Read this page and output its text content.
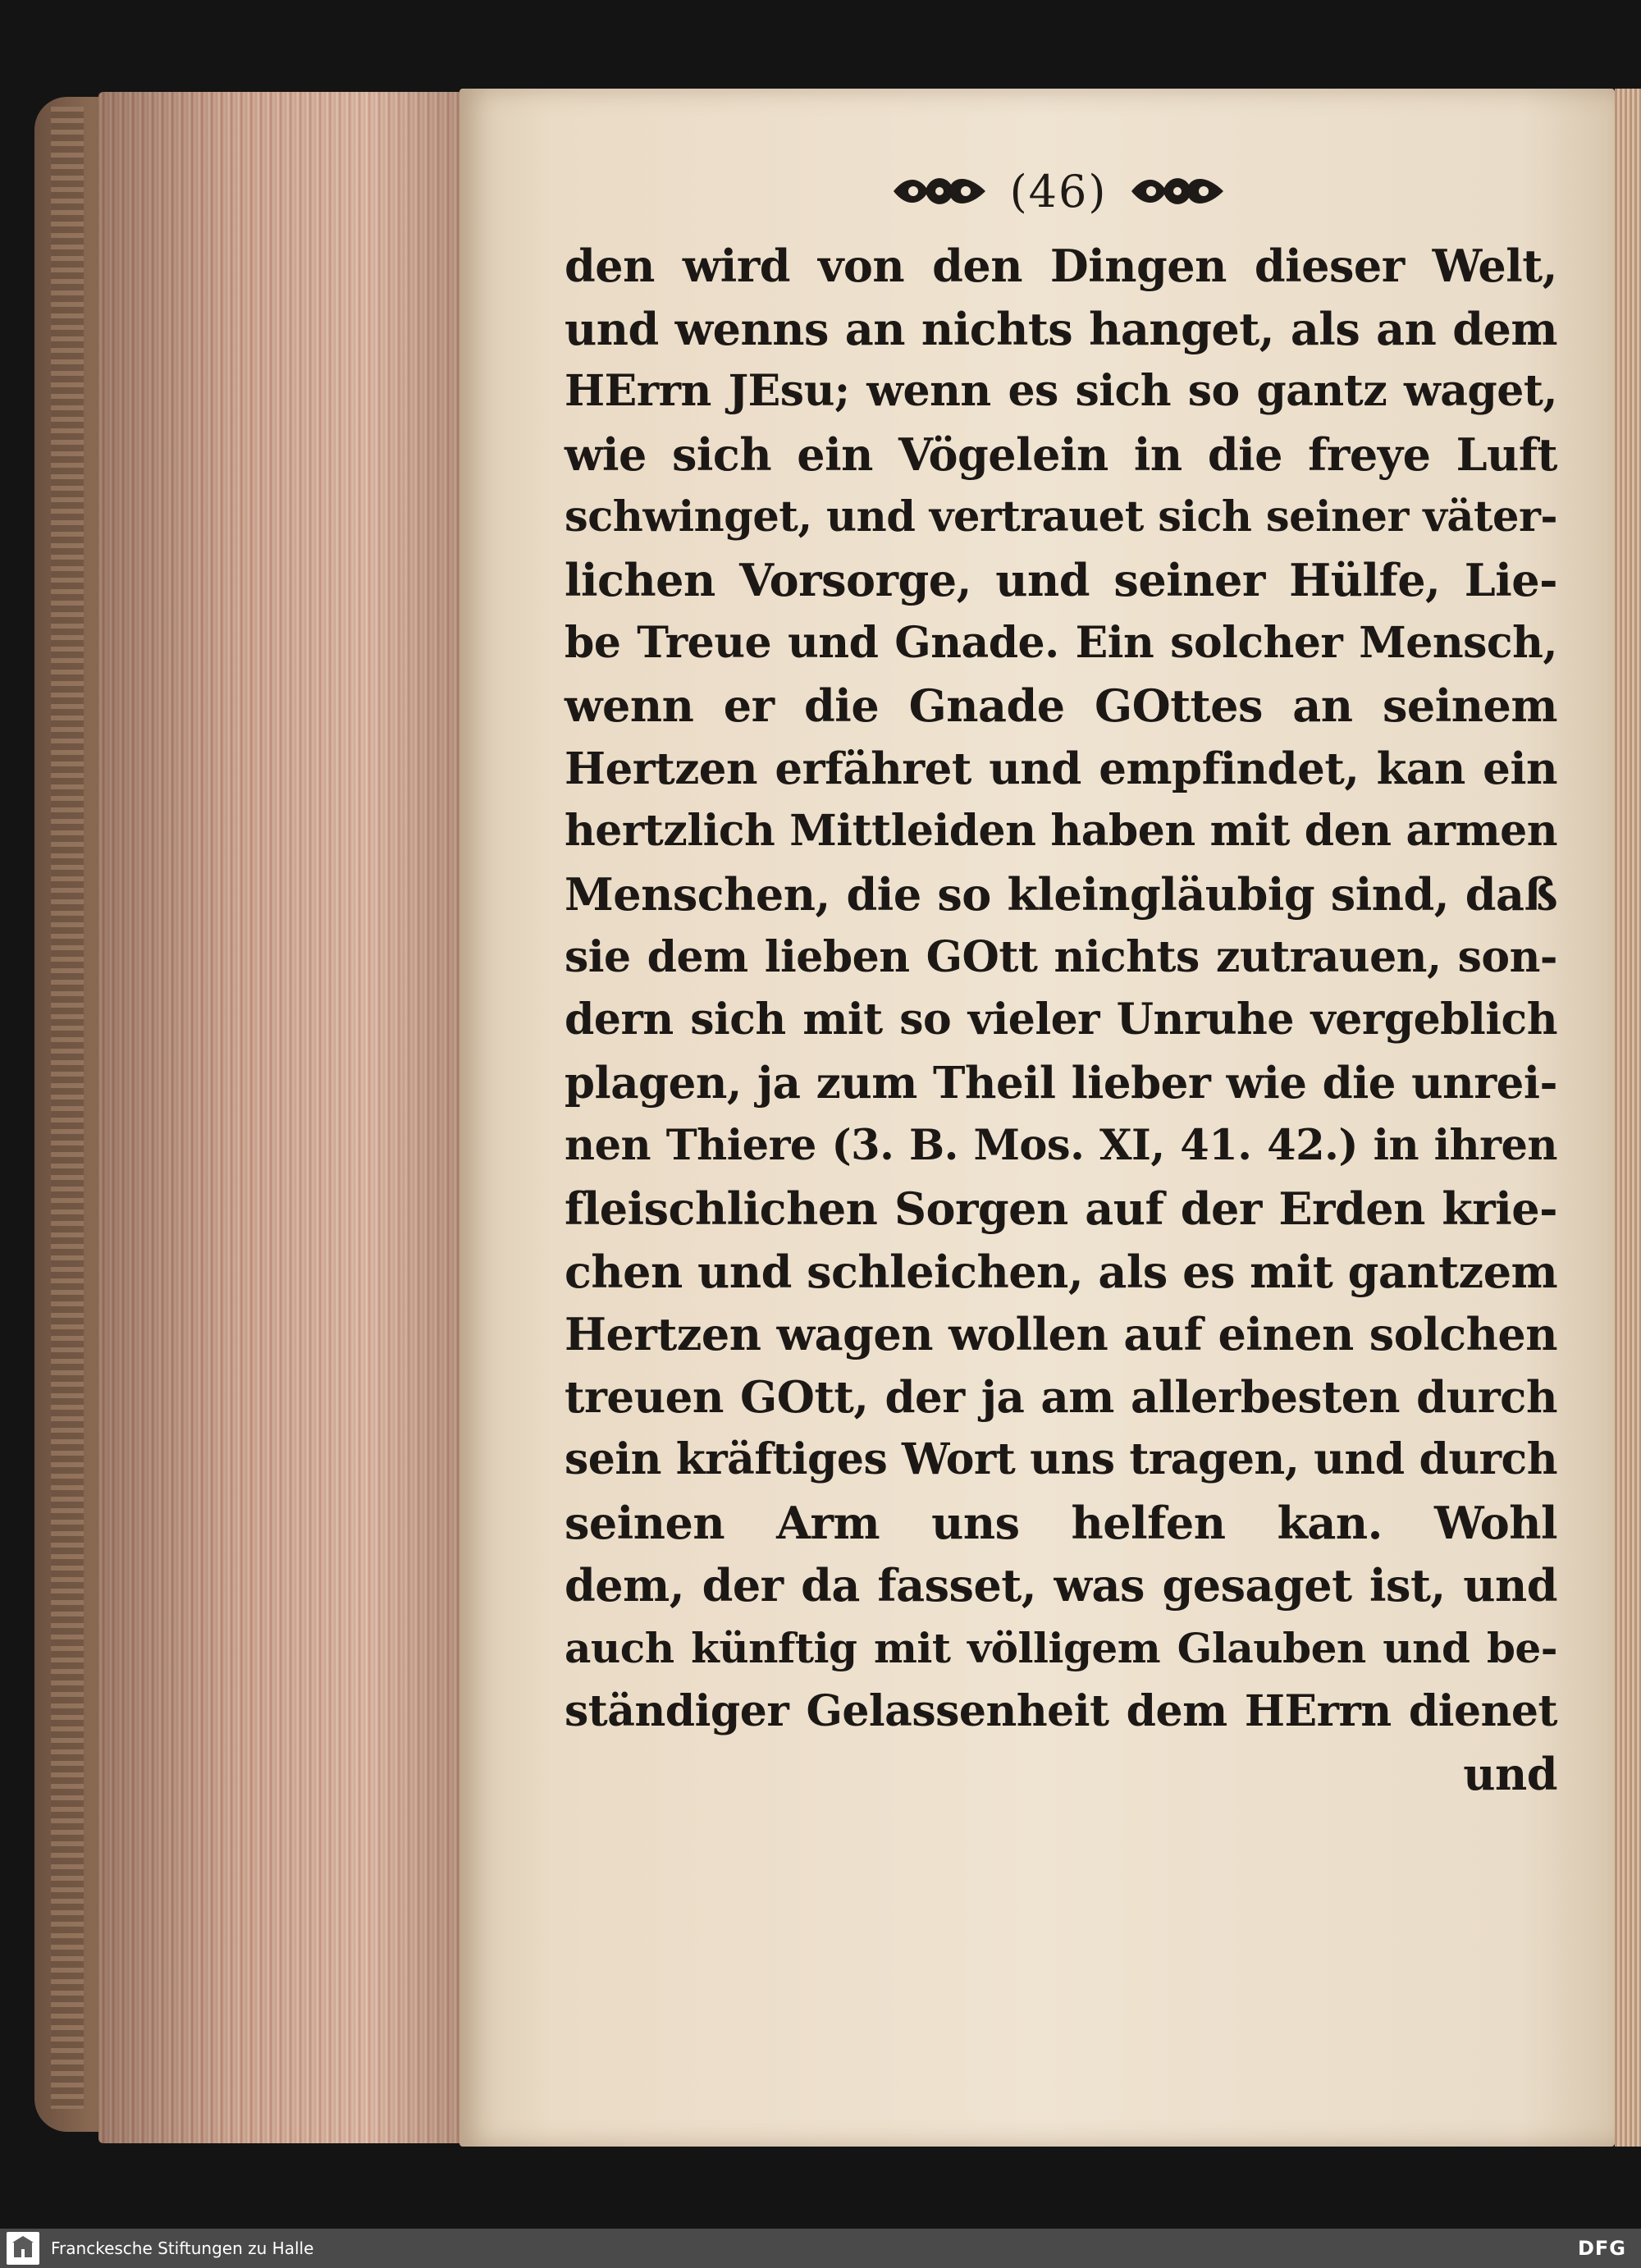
(46)
den wird von den Dingen dieser Welt,
und wenns an nichts hanget, als an dem
HErrn JEsu; wenn es sich so gantz waget,
wie sich ein Vögelein in die freye Luft
schwinget, und vertrauet sich seiner väter-
lichen Vorsorge, und seiner Hülfe, Lie-
be Treue und Gnade. Ein solcher Mensch,
wenn er die Gnade GOttes an seinem
Hertzen erfähret und empfindet, kan ein
hertzlich Mittleiden haben mit den armen
Menschen, die so kleingläubig sind, daß
sie dem lieben GOtt nichts zutrauen, son-
dern sich mit so vieler Unruhe vergeblich
plagen, ja zum Theil lieber wie die unrei-
nen Thiere (3. B. Mos. XI, 41. 42.) in ihren
fleischlichen Sorgen auf der Erden krie-
chen und schleichen, als es mit gantzem
Hertzen wagen wollen auf einen solchen
treuen GOtt, der ja am allerbesten durch
sein kräftiges Wort uns tragen, und durch
seinen Arm uns helfen kan. Wohl
dem, der da fasset, was gesaget ist, und
auch künftig mit völligem Glauben und be-
ständiger Gelassenheit dem HErrn dienet
und
Franckesche Stiftungen zu Halle	DFG
